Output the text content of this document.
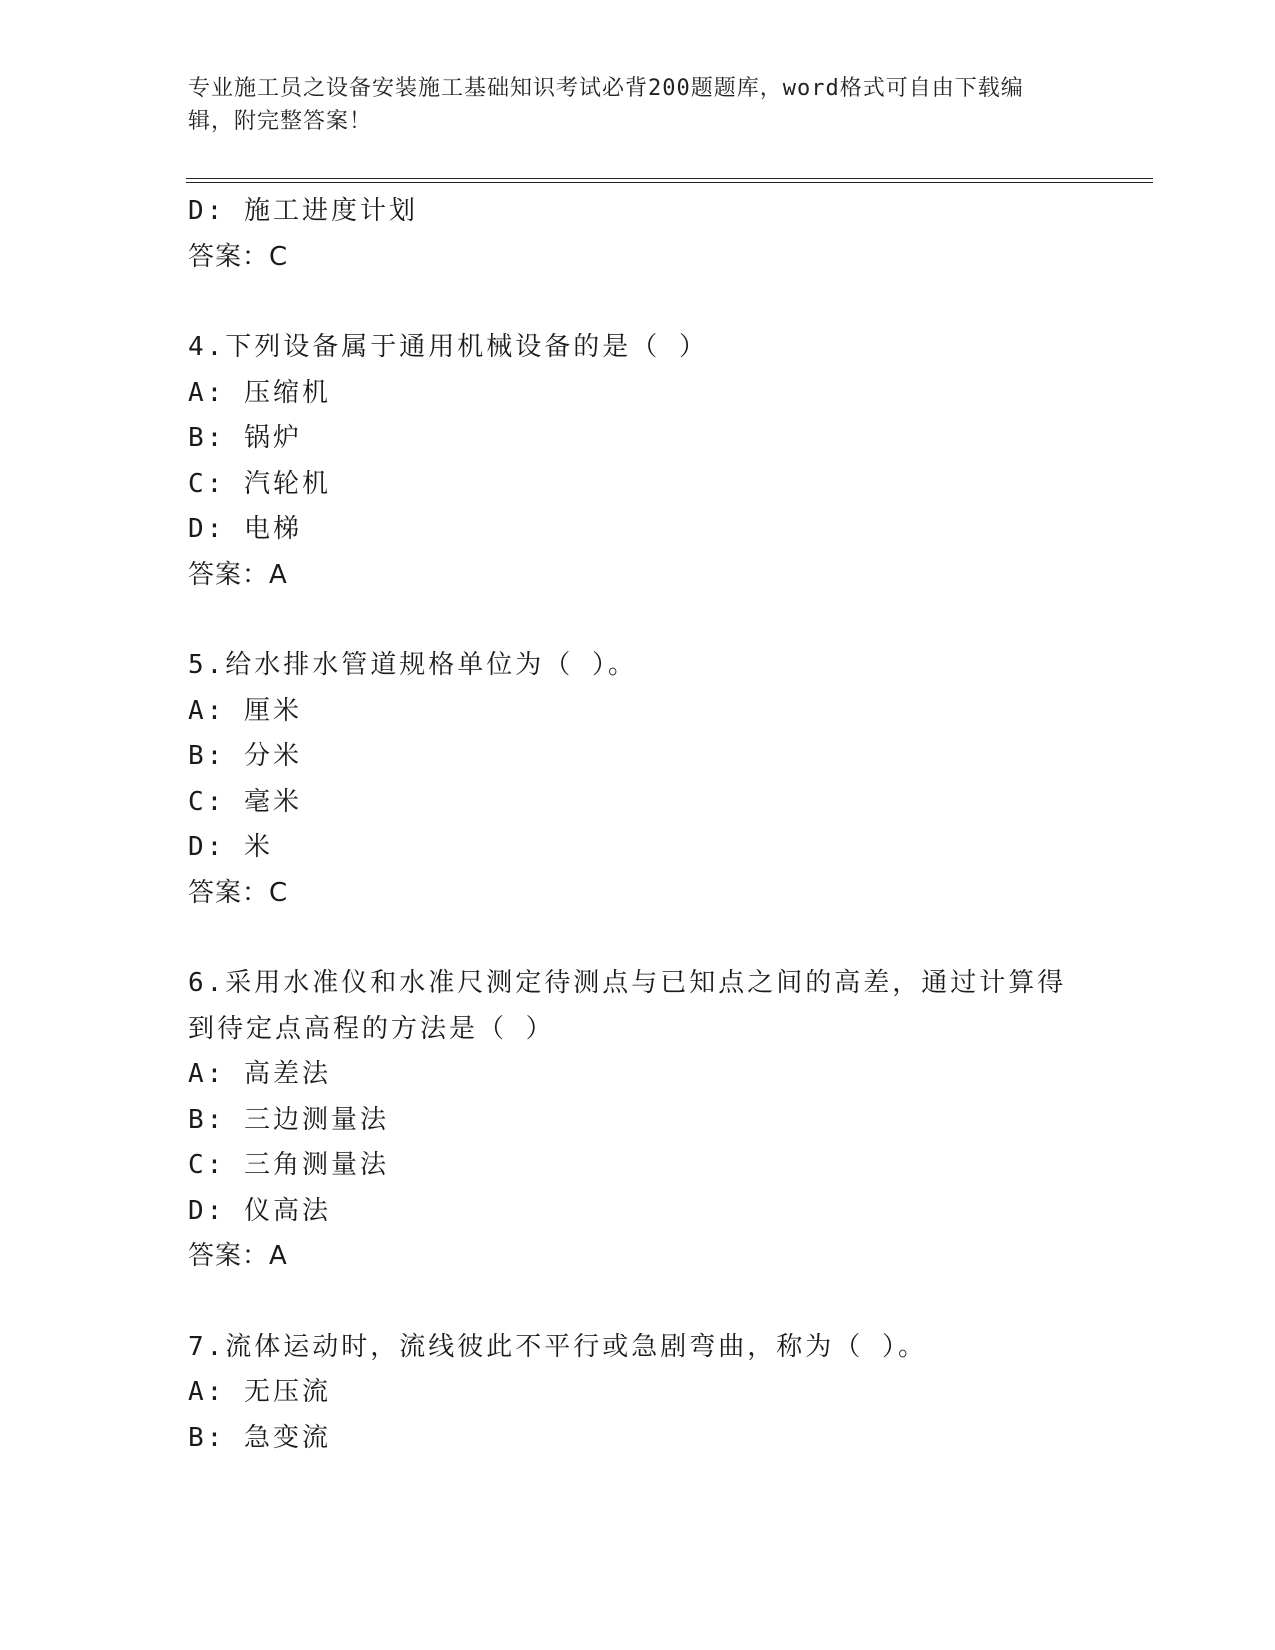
专业施工员之设备安装施工基础知识考试必背200题题库，word格式可自由下载编辑，附完整答案！
D: 施工进度计划
答案：C
4.下列设备属于通用机械设备的是（ ）
A: 压缩机
B: 锅炉
C: 汽轮机
D: 电梯
答案：A
5.给水排水管道规格单位为（ ）。
A: 厘米
B: 分米
C: 毫米
D: 米
答案：C
6.采用水准仪和水准尺测定待测点与已知点之间的高差，通过计算得到待定点高程的方法是（ ）
A: 高差法
B: 三边测量法
C: 三角测量法
D: 仪高法
答案：A
7.流体运动时，流线彼此不平行或急剧弯曲，称为（ ）。
A: 无压流
B: 急变流
